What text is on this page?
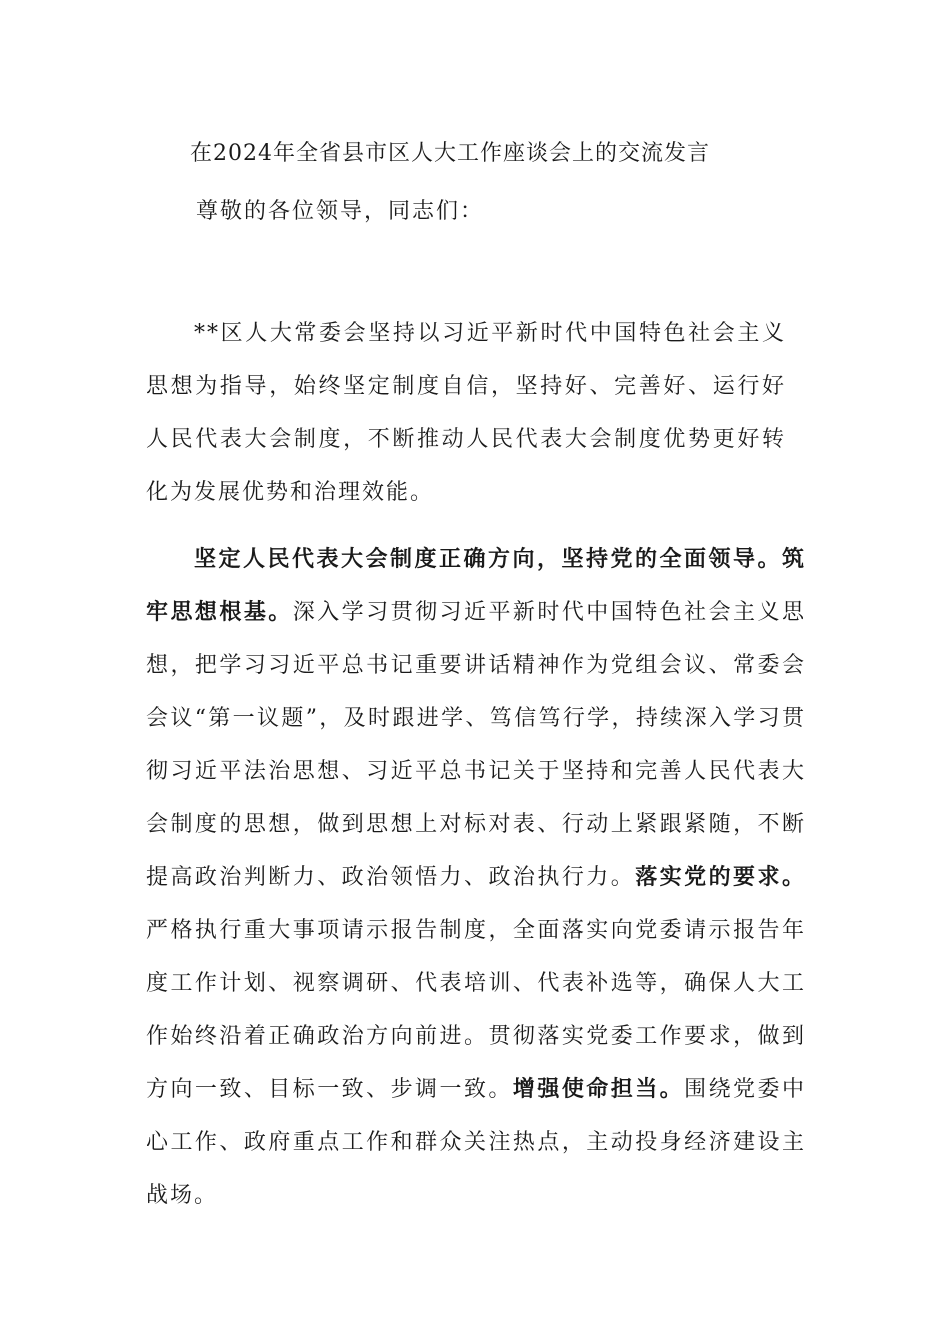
在2024年全省县市区人大工作座谈会上的交流发言
尊敬的各位领导，同志们：
**区人大常委会坚持以习近平新时代中国特色社会主义思想为指导，始终坚定制度自信，坚持好、完善好、运行好人民代表大会制度，不断推动人民代表大会制度优势更好转化为发展优势和治理效能。
坚定人民代表大会制度正确方向，坚持党的全面领导。筑牢思想根基。深入学习贯彻习近平新时代中国特色社会主义思想，把学习习近平总书记重要讲话精神作为党组会议、常委会会议“第一议题”，及时跟进学、笃信笃行学，持续深入学习贯彻习近平法治思想、习近平总书记关于坚持和完善人民代表大会制度的思想，做到思想上对标对表、行动上紧跟紧随，不断提高政治判断力、政治领悟力、政治执行力。落实党的要求。严格执行重大事项请示报告制度，全面落实向党委请示报告年度工作计划、视察调研、代表培训、代表补选等，确保人大工作始终沿着正确政治方向前进。贯彻落实党委工作要求，做到方向一致、目标一致、步调一致。增强使命担当。围绕党委中心工作、政府重点工作和群众关注热点，主动投身经济建设主战场。
